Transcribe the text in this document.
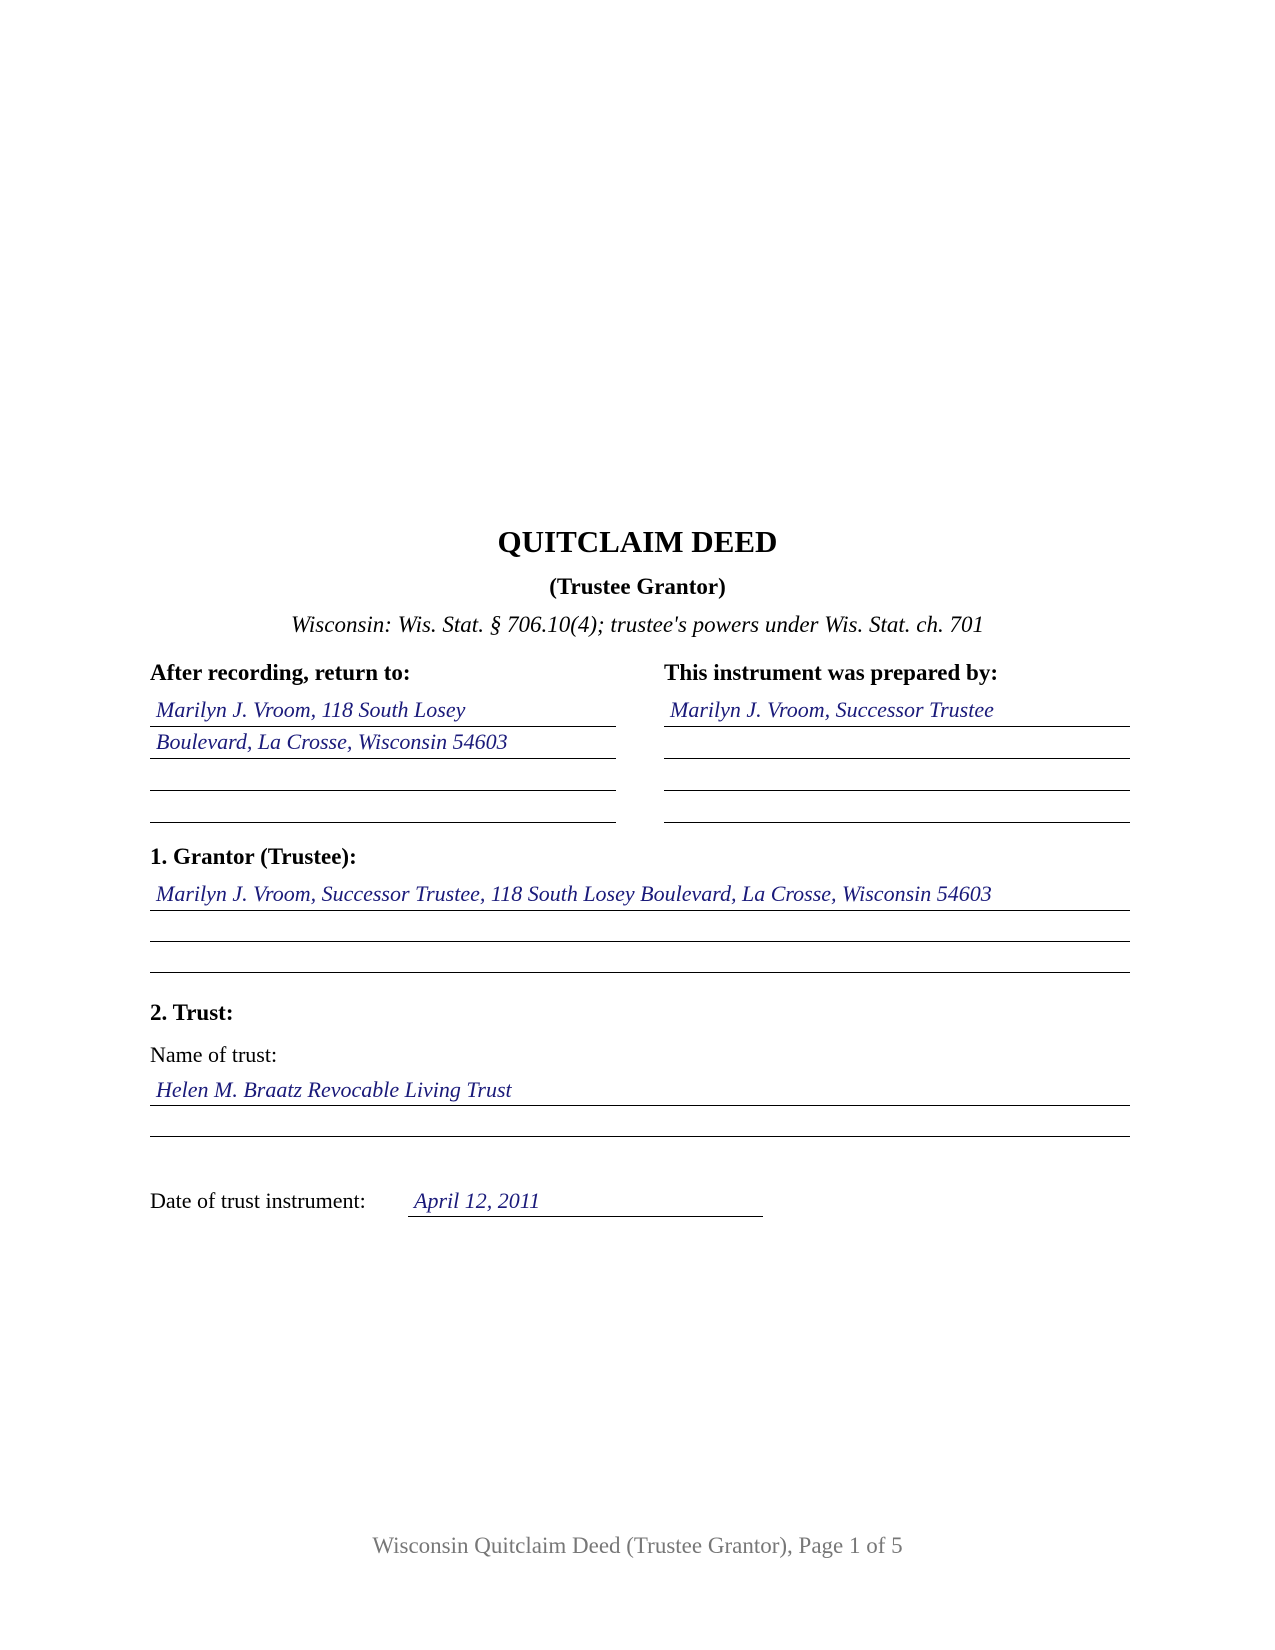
QUITCLAIM DEED
(Trustee Grantor)
Wisconsin: Wis. Stat. § 706.10(4); trustee's powers under Wis. Stat. ch. 701
After recording, return to:
Marilyn J. Vroom, 118 South Losey
Boulevard, La Crosse, Wisconsin 54603
This instrument was prepared by:
Marilyn J. Vroom, Successor Trustee
1. Grantor (Trustee):
Marilyn J. Vroom, Successor Trustee, 118 South Losey Boulevard, La Crosse, Wisconsin 54603
2. Trust:
Name of trust:
Helen M. Braatz Revocable Living Trust
Date of trust instrument: April 12, 2011
Wisconsin Quitclaim Deed (Trustee Grantor), Page 1 of 5
